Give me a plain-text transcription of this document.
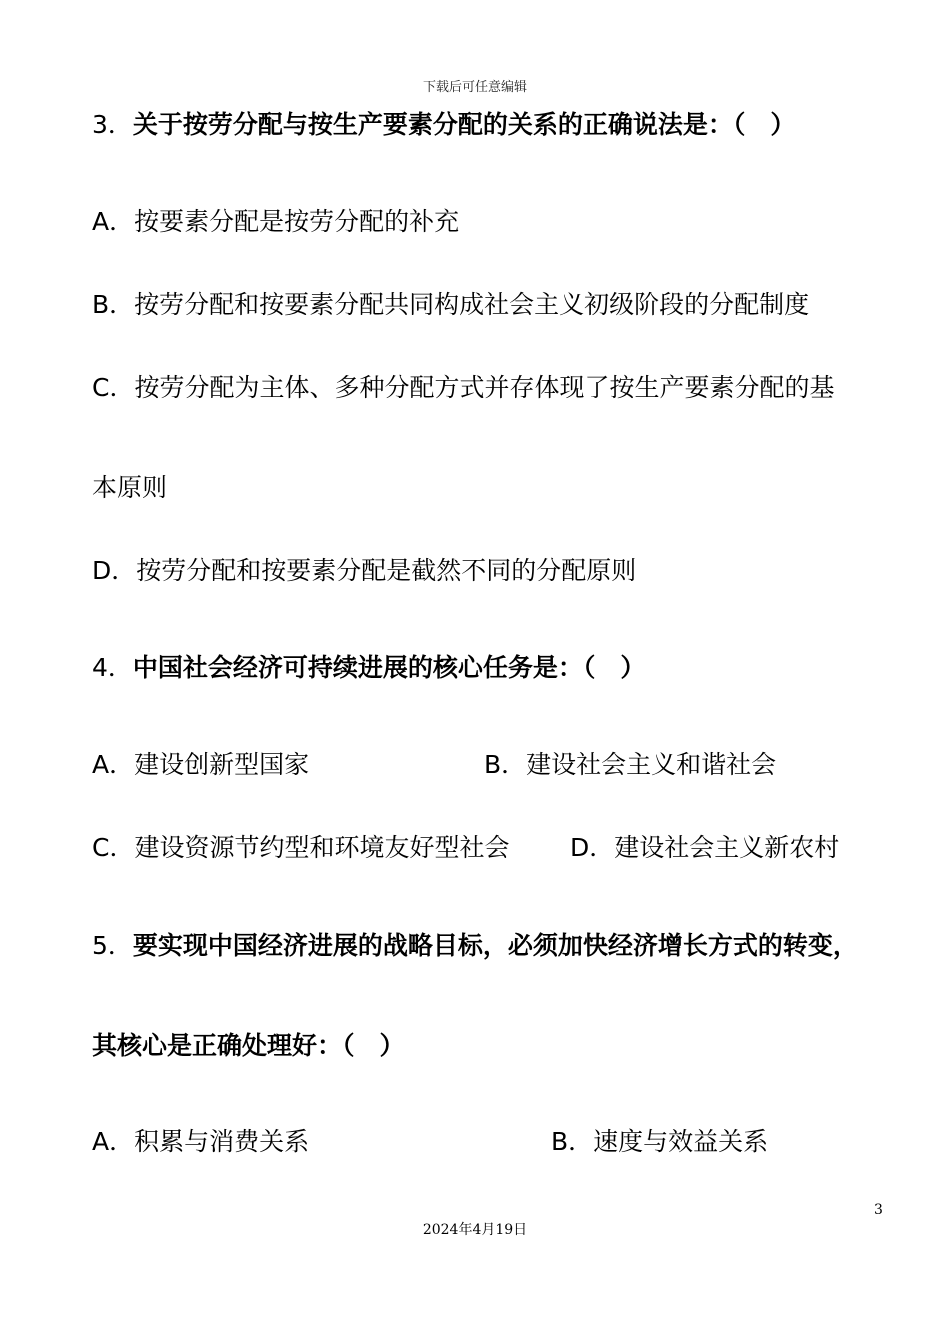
下载后可任意编辑
3．关于按劳分配与按生产要素分配的关系的正确说法是：（　）
A．按要素分配是按劳分配的补充
B．按劳分配和按要素分配共同构成社会主义初级阶段的分配制度
C．按劳分配为主体、多种分配方式并存体现了按生产要素分配的基
本原则
D．按劳分配和按要素分配是截然不同的分配原则
4．中国社会经济可持续进展的核心任务是：（　）
A．建设创新型国家	B．建设社会主义和谐社会
C．建设资源节约型和环境友好型社会 D．建设社会主义新农村
5．要实现中国经济进展的战略目标，必须加快经济增长方式的转变，
其核心是正确处理好：（　）
A．积累与消费关系	B．速度与效益关系
3
2024年4月19日
